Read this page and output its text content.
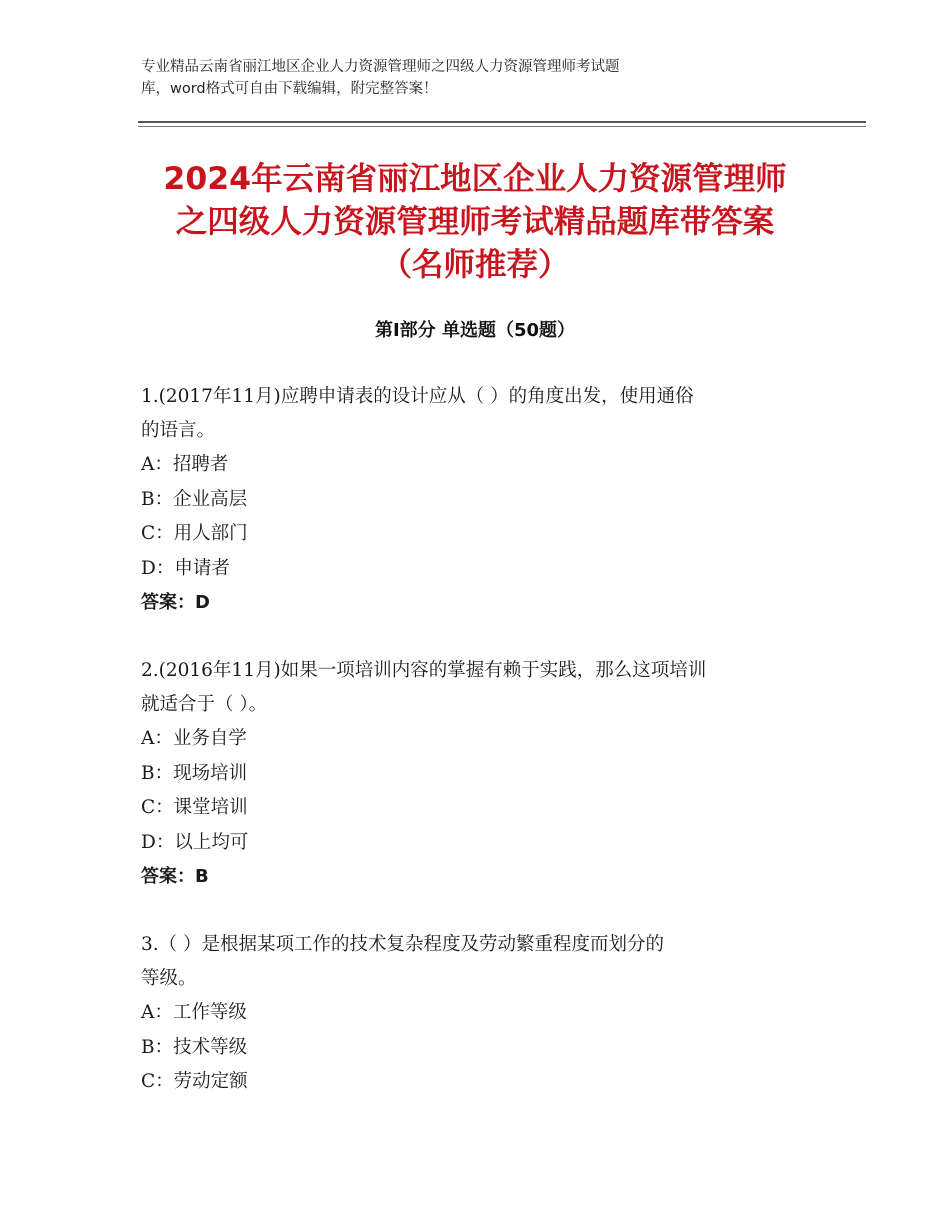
专业精品云南省丽江地区企业人力资源管理师之四级人力资源管理师考试题

库，word格式可自由下载编辑，附完整答案！

2024年云南省丽江地区企业人力资源管理师

之四级人力资源管理师考试精品题库带答案

（名师推荐）

第Ⅰ部分 单选题（50题）

1.(2017年11月)应聘申请表的设计应从（ ）的角度出发，使用通俗

的语言。

A：招聘者

B：企业高层

C：用人部门

D：申请者

答案：D

2.(2016年11月)如果一项培训内容的掌握有赖于实践，那么这项培训

就适合于（ ）。

A：业务自学

B：现场培训

C：课堂培训

D：以上均可

答案：B

3.（ ）是根据某项工作的技术复杂程度及劳动繁重程度而划分的

等级。

A：工作等级

B：技术等级

C：劳动定额
